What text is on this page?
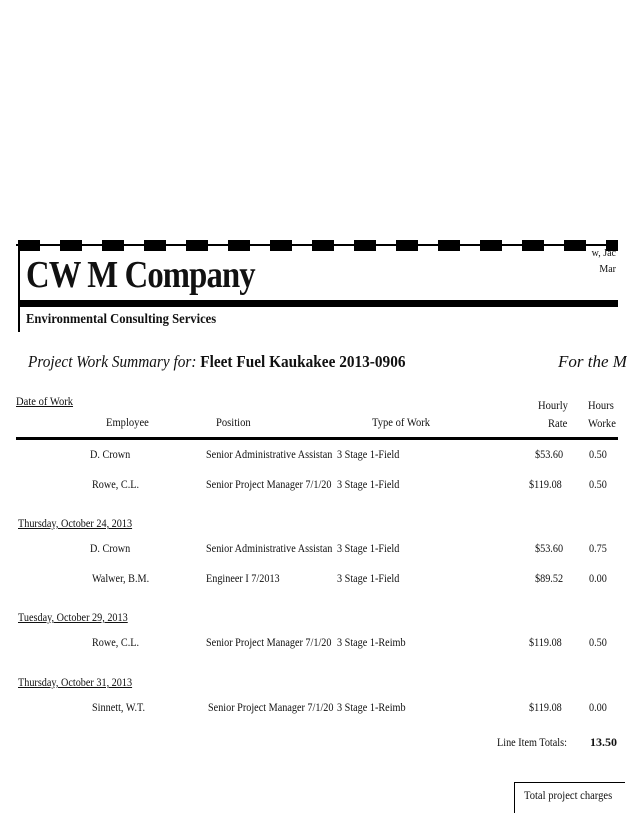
CW M Company
Environmental Consulting Services
w, Jac
Mar
Project Work Summary for: Fleet Fuel Kaukakee 2013-0906	For the M
Date of Work
Employee	Position	Type of Work
Hourly
Rate
Hours
Worke
D. Crown	Senior Administrative Assistan 3 Stage 1-Field	$53.60 0.50
Rowe, C.L.	Senior Project Manager 7/1/20 3 Stage 1-Field	$119.08 0.50
Thursday, October 24, 2013
D. Crown	Senior Administrative Assistan 3 Stage 1-Field	$53.60 0.75
Walwer, B.M.	Engineer I 7/2013	3 Stage 1-Field	$89.52 0.00
Tuesday, October 29, 2013
Rowe, C.L.	Senior Project Manager 7/1/20 3 Stage 1-Reimb	$119.08 0.50
Thursday, October 31, 2013
Sinnett, W.T.	Senior Project Manager 7/1/20 3 Stage 1-Reimb	$119.08 0.00
Line Item Totals: 13.50
Total project charges
